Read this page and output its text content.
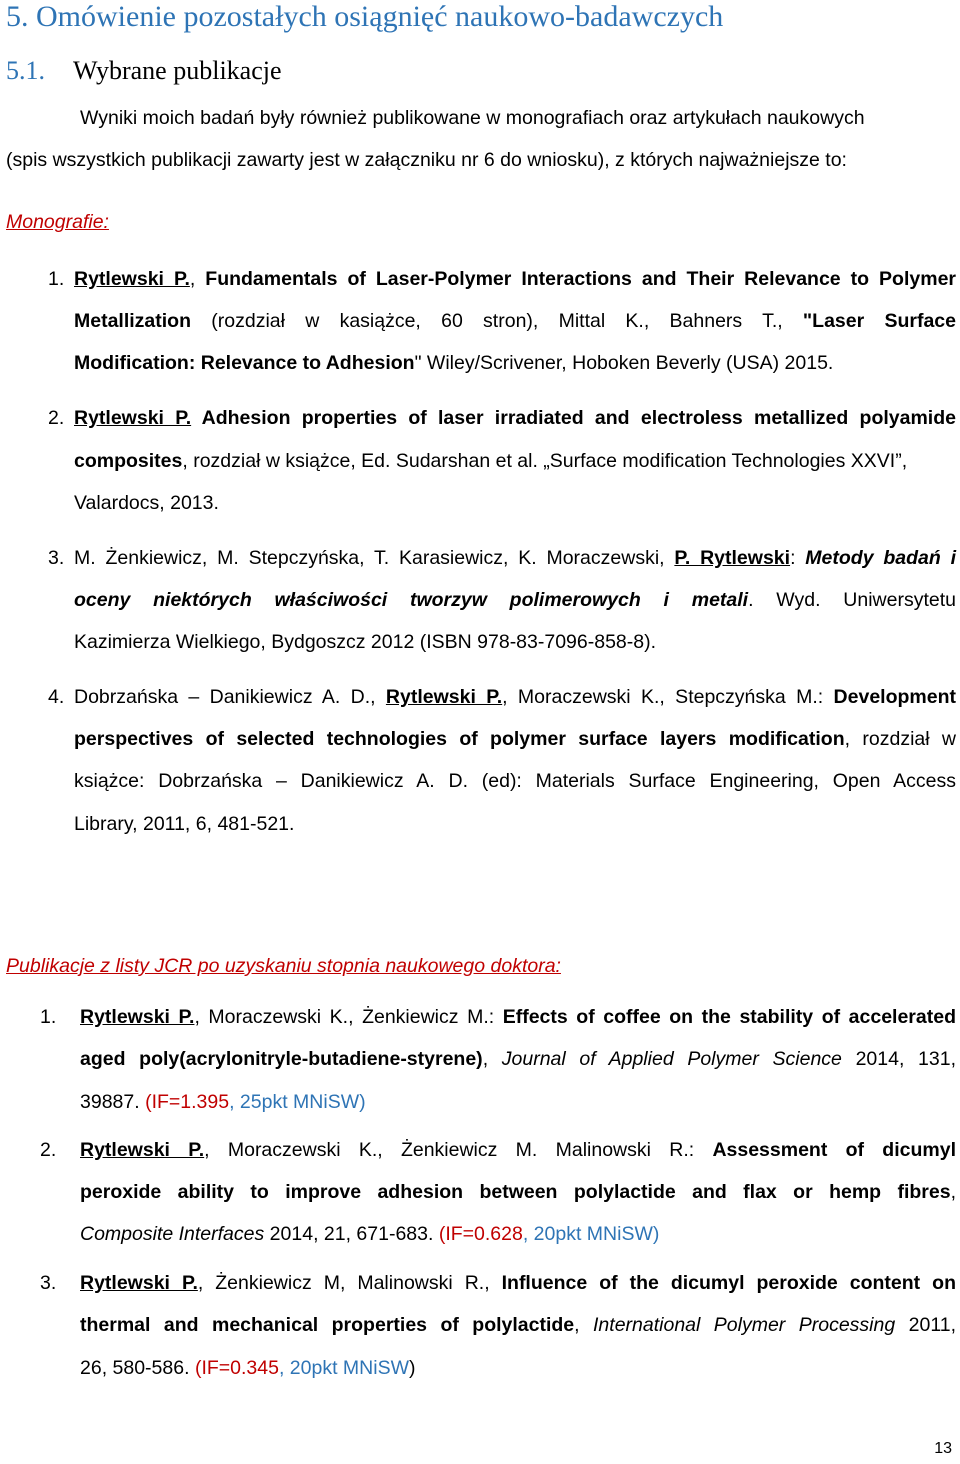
5. Omówienie pozostałych osiągnięć naukowo-badawczych
5.1. Wybrane publikacje
Wyniki moich badań były również publikowane w monografiach oraz artykułach naukowych
(spis wszystkich publikacji zawarty jest w załączniku nr 6 do wniosku), z których najważniejsze to:
Monografie:
1. Rytlewski P., Fundamentals of Laser-Polymer Interactions and Their Relevance to Polymer
Metallization (rozdział w kasiążce, 60 stron), Mittal K., Bahners T., "Laser Surface
Modification: Relevance to Adhesion" Wiley/Scrivener, Hoboken Beverly (USA) 2015.
2. Rytlewski P. Adhesion properties of laser irradiated and electroless metallized polyamide
composites, rozdział w książce, Ed. Sudarshan et al. „Surface modification Technologies XXVI”,
Valardocs, 2013.
3. M. Żenkiewicz, M. Stepczyńska, T. Karasiewicz, K. Moraczewski, P. Rytlewski: Metody badań i
oceny niektórych właściwości tworzyw polimerowych i metali. Wyd. Uniwersytetu
Kazimierza Wielkiego, Bydgoszcz 2012 (ISBN 978-83-7096-858-8).
4. Dobrzańska – Danikiewicz A. D., Rytlewski P., Moraczewski K., Stepczyńska M.: Development
perspectives of selected technologies of polymer surface layers modification, rozdział w
książce: Dobrzańska – Danikiewicz A. D. (ed): Materials Surface Engineering, Open Access
Library, 2011, 6, 481-521.
Publikacje z listy JCR po uzyskaniu stopnia naukowego doktora:
1. Rytlewski P., Moraczewski K., Żenkiewicz M.: Effects of coffee on the stability of accelerated
aged poly(acrylonitryle-butadiene-styrene), Journal of Applied Polymer Science 2014, 131,
39887. (IF=1.395, 25pkt MNiSW)
2. Rytlewski P., Moraczewski K., Żenkiewicz M. Malinowski R.: Assessment of dicumyl
peroxide ability to improve adhesion between polylactide and flax or hemp fibres,
Composite Interfaces 2014, 21, 671-683. (IF=0.628, 20pkt MNiSW)
3. Rytlewski P., Żenkiewicz M, Malinowski R., Influence of the dicumyl peroxide content on
thermal and mechanical properties of polylactide, International Polymer Processing 2011,
26, 580-586. (IF=0.345, 20pkt MNiSW)
13
